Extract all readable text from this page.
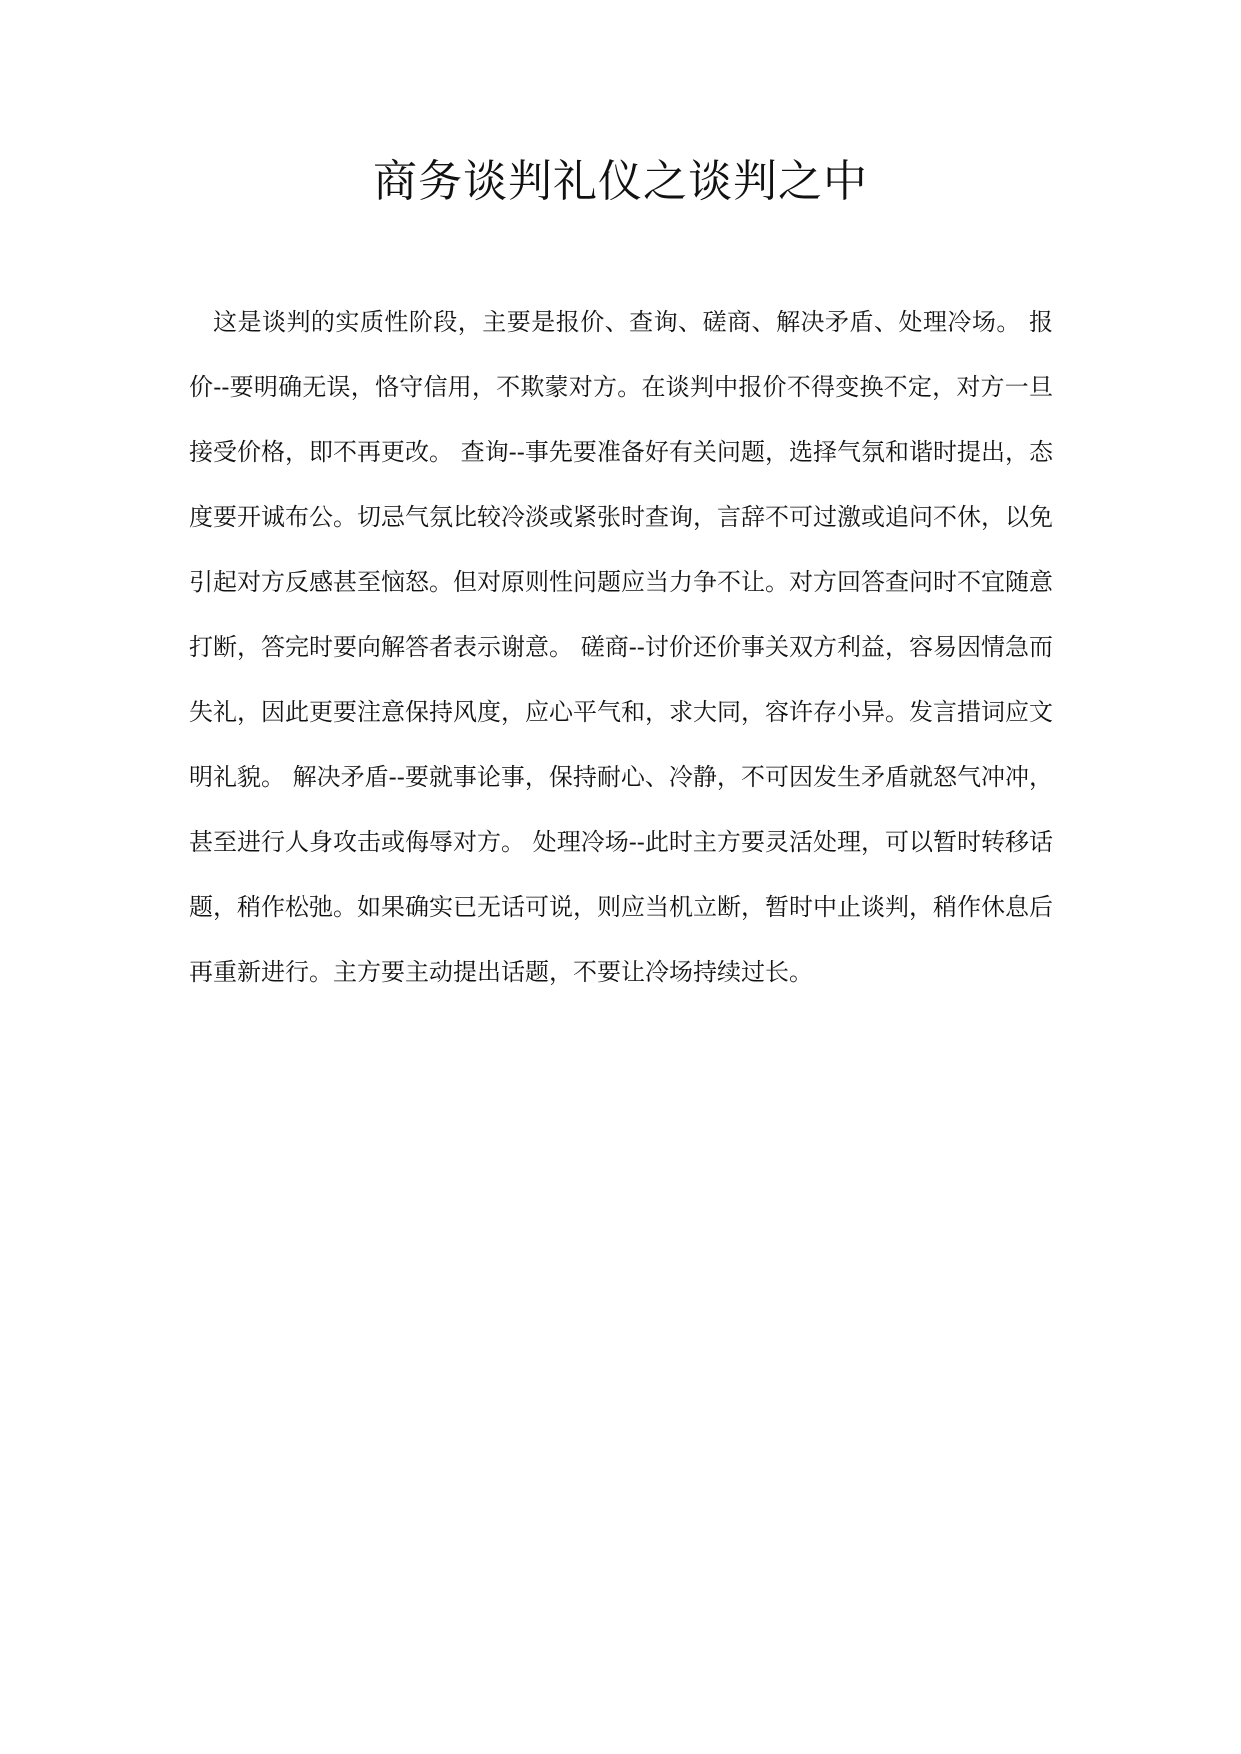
商务谈判礼仪之谈判之中

这是谈判的实质性阶段，主要是报价、查询、磋商、解决矛盾、处理冷场。 报价--要明确无误，恪守信用，不欺蒙对方。在谈判中报价不得变换不定，对方一旦接受价格，即不再更改。 查询--事先要准备好有关问题，选择气氛和谐时提出，态度要开诚布公。切忌气氛比较冷淡或紧张时查询，言辞不可过激或追问不休，以免引起对方反感甚至恼怒。但对原则性问题应当力争不让。对方回答查问时不宜随意打断，答完时要向解答者表示谢意。 磋商--讨价还价事关双方利益，容易因情急而失礼，因此更要注意保持风度，应心平气和，求大同，容许存小异。发言措词应文明礼貌。 解决矛盾--要就事论事，保持耐心、冷静，不可因发生矛盾就怒气冲冲，甚至进行人身攻击或侮辱对方。 处理冷场--此时主方要灵活处理，可以暂时转移话题，稍作松弛。如果确实已无话可说，则应当机立断，暂时中止谈判，稍作休息后再重新进行。主方要主动提出话题，不要让冷场持续过长。
